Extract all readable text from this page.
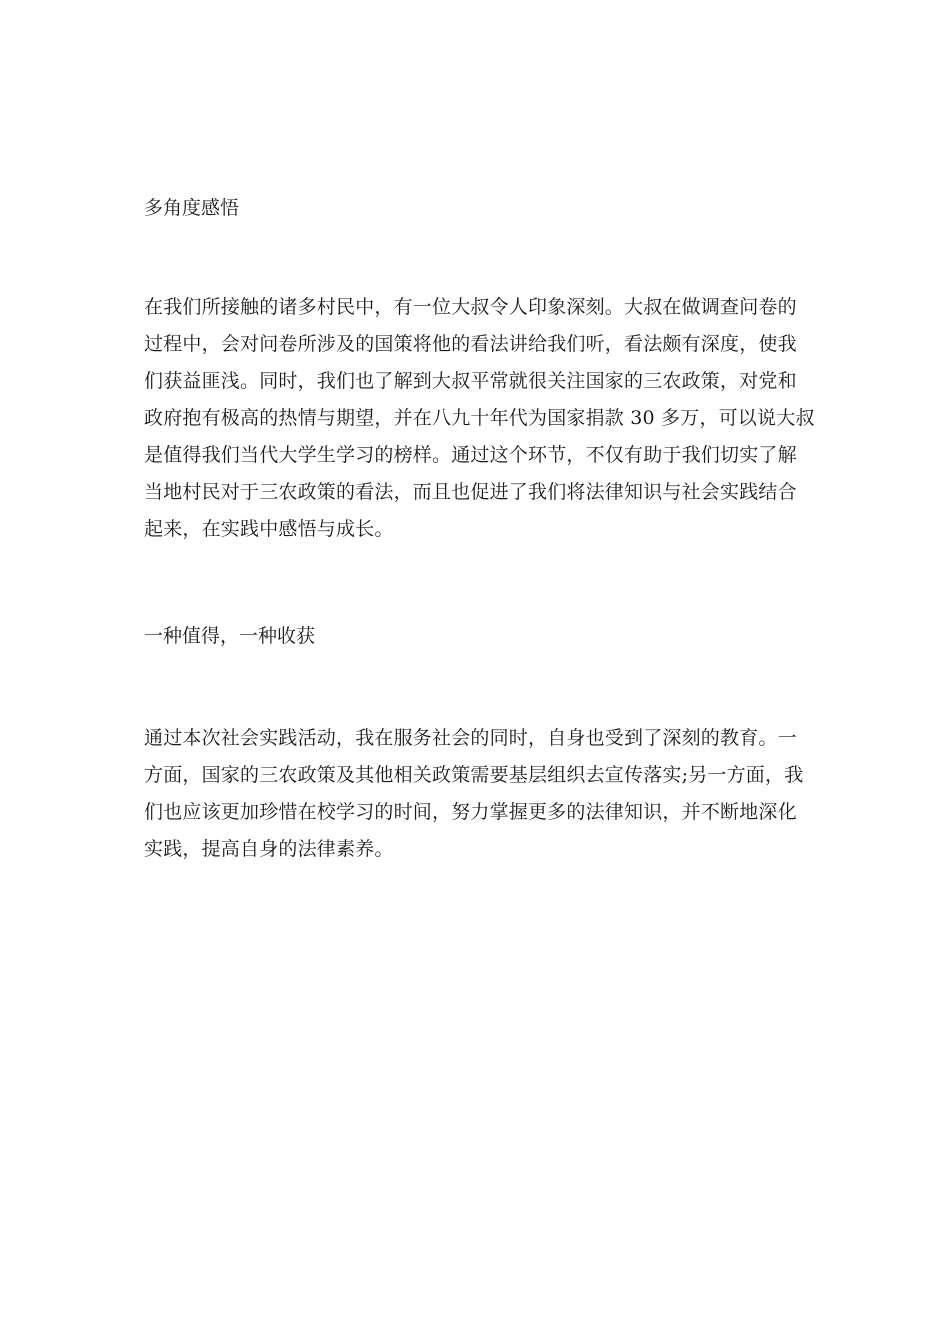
多角度感悟
在我们所接触的诸多村民中，有一位大叔令人印象深刻。大叔在做调查问卷的
过程中，会对问卷所涉及的国策将他的看法讲给我们听，看法颇有深度，使我
们获益匪浅。同时，我们也了解到大叔平常就很关注国家的三农政策，对党和
政府抱有极高的热情与期望，并在八九十年代为国家捐款 30 多万，可以说大叔
是值得我们当代大学生学习的榜样。通过这个环节，不仅有助于我们切实了解
当地村民对于三农政策的看法，而且也促进了我们将法律知识与社会实践结合
起来，在实践中感悟与成长。
一种值得，一种收获
通过本次社会实践活动，我在服务社会的同时，自身也受到了深刻的教育。一
方面，国家的三农政策及其他相关政策需要基层组织去宣传落实;另一方面，我
们也应该更加珍惜在校学习的时间，努力掌握更多的法律知识，并不断地深化
实践，提高自身的法律素养。
